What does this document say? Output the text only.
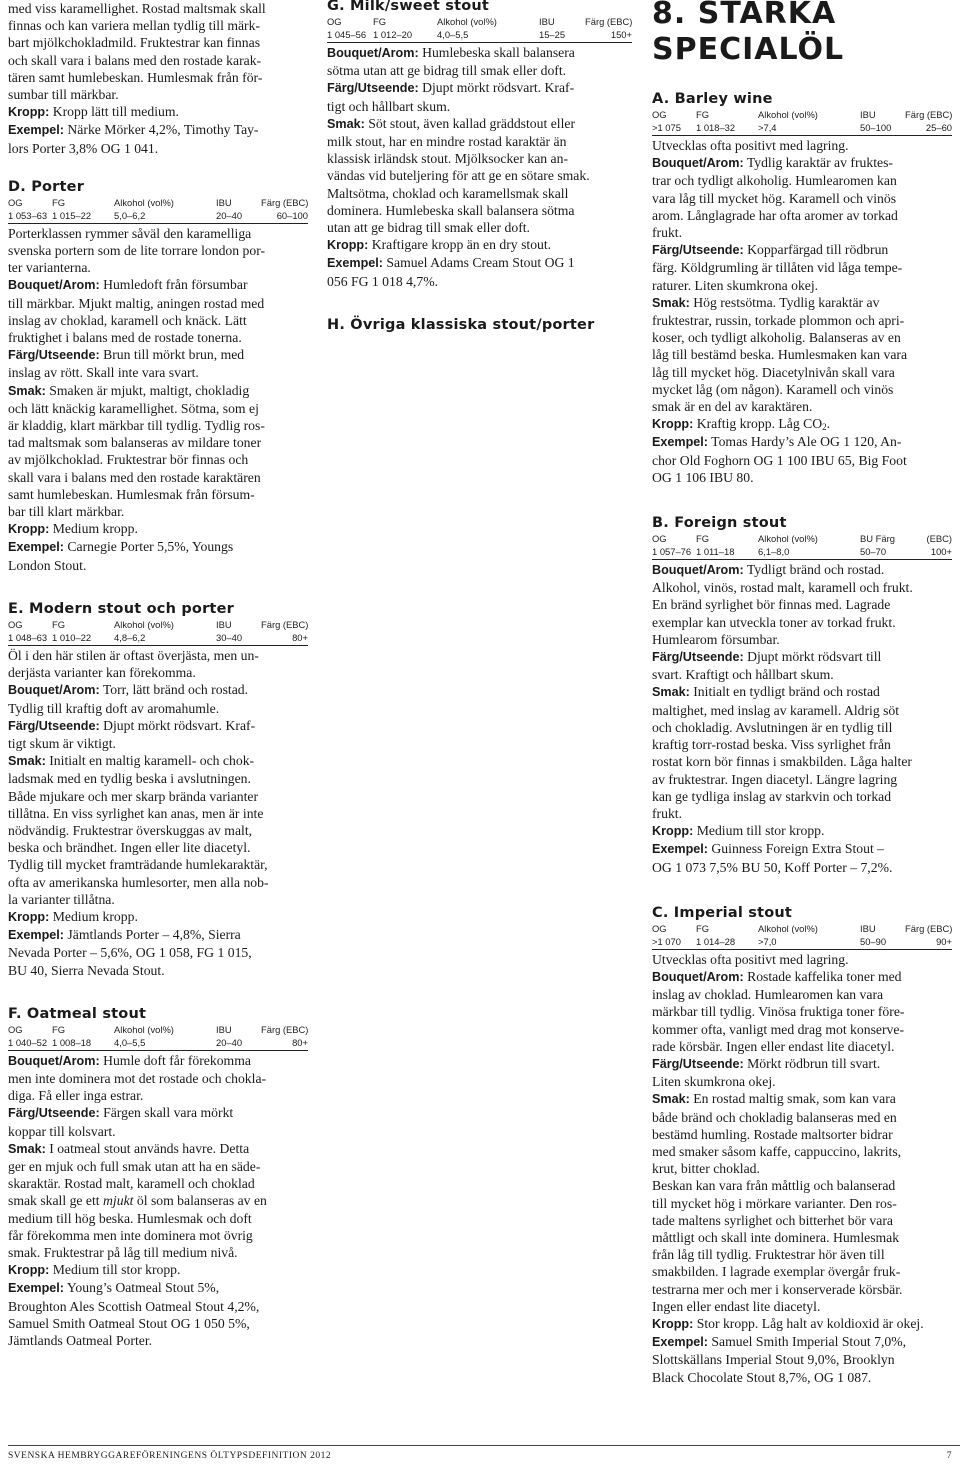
med viss karamellighet. Rostad maltsmak skall
finnas och kan variera mellan tydlig till märk-
bart mjölkchokladmild. Fruktestrar kan finnas
och skall vara i balans med den rostade karak-
tären samt humlebeskan. Humlesmak från för-
sumbar till märkbar.

Kropp: Kropp lätt till medium.

Exempel: Närke Mörker 4,2%, Timothy Tay-
lors Porter 3,8% OG 1 041.

D. Porter
OG	FG	Alkohol (vol%)	IBU	Färg (EBC)
1 053–63 1 015–22	5,0–6,2	20–40	60–100

Porterklassen rymmer såväl den karamelliga
svenska portern som de lite torrare london por-
ter varianterna.

Bouquet/Arom: Humledoft från försumbar
till märkbar. Mjukt maltig, aningen rostad med
inslag av choklad, karamell och knäck. Lätt
fruktighet i balans med de rostade tonerna.

Färg/Utseende: Brun till mörkt brun, med
inslag av rött. Skall inte vara svart.

Smak: Smaken är mjukt, maltigt, chokladig
och lätt knäckig karamellighet. Sötma, som ej
är kladdig, klart märkbar till tydlig. Tydlig ros-
tad maltsmak som balanseras av mildare toner
av mjölkchoklad. Fruktestrar bör finnas och
skall vara i balans med den rostade karaktären
samt humlebeskan. Humlesmak från försum-
bar till klart märkbar.

Kropp: Medium kropp.

Exempel: Carnegie Porter 5,5%, Youngs
London Stout.

E. Modern stout och porter
OG	FG	Alkohol (vol%)	IBU	Färg (EBC)
1 048–63 1 010–22	4,8–6,2	30–40	80+

Öl i den här stilen är oftast överjästa, men un-
derjästa varianter kan förekomma.

Bouquet/Arom: Torr, lätt bränd och rostad.
Tydlig till kraftig doft av aromahumle.

Färg/Utseende: Djupt mörkt rödsvart. Kraf-
tigt skum är viktigt.

Smak: Initialt en maltig karamell- och chok-
ladsmak med en tydlig beska i avslutningen.
Både mjukare och mer skarp brända varianter
tillåtna. En viss syrlighet kan anas, men är inte
nödvändig. Fruktestrar överskuggas av malt,
beska och brändhet. Ingen eller lite diacetyl.
Tydlig till mycket framträdande humlekaraktär,
ofta av amerikanska humlesorter, men alla nob-
la varianter tillåtna.

Kropp: Medium kropp.

Exempel: Jämtlands Porter – 4,8%, Sierra
Nevada Porter – 5,6%, OG 1 058, FG 1 015,
BU 40, Sierra Nevada Stout.

F. Oatmeal stout
OG	FG	Alkohol (vol%)	IBU	Färg (EBC)
1 040–52 1 008–18	4,0–5,5	20–40	80+

Bouquet/Arom: Humle doft får förekomma
men inte dominera mot det rostade och chokla-
diga. Få eller inga estrar.

Färg/Utseende: Färgen skall vara mörkt
koppar till kolsvart.

Smak: I oatmeal stout används havre. Detta
ger en mjuk och full smak utan att ha en säde-
skaraktär. Rostad malt, karamell och choklad
smak skall ge ett mjukt öl som balanseras av en
medium till hög beska. Humlesmak och doft
får förekomma men inte dominera mot övrig
smak. Fruktestrar på låg till medium nivå.

Kropp: Medium till stor kropp.

Exempel: Young’s Oatmeal Stout 5%,
Broughton Ales Scottish Oatmeal Stout 4,2%,
Samuel Smith Oatmeal Stout OG 1 050 5%,
Jämtlands Oatmeal Porter.

G. Milk/sweet stout
OG	FG	Alkohol (vol%)	IBU	Färg (EBC)
1 045–56 1 012–20	4,0–5,5	15–25	150+

Bouquet/Arom: Humlebeska skall balansera
sötma utan att ge bidrag till smak eller doft.

Färg/Utseende: Djupt mörkt rödsvart. Kraf-
tigt och hållbart skum.

Smak: Söt stout, även kallad gräddstout eller
milk stout, har en mindre rostad karaktär än
klassisk irländsk stout. Mjölksocker kan an-
vändas vid buteljering för att ge en sötare smak.
Maltsötma, choklad och karamellsmak skall
dominera. Humlebeska skall balansera sötma
utan att ge bidrag till smak eller doft.

Kropp: Kraftigare kropp än en dry stout.

Exempel: Samuel Adams Cream Stout OG 1
056 FG 1 018 4,7%.

H. Övriga klassiska stout/porter
8. STARKA
SPECIALÖL
A. Barley wine
OG	FG	Alkohol (vol%)	IBU	Färg (EBC)
>1 075	1 018–32	>7,4	50–100	25–60

Utvecklas ofta positivt med lagring.

Bouquet/Arom: Tydlig karaktär av fruktes-
trar och tydligt alkoholig. Humlearomen kan
vara låg till mycket hög. Karamell och vinös
arom. Långlagrade har ofta aromer av torkad
frukt.

Färg/Utseende: Kopparfärgad till rödbrun
färg. Köldgrumling är tillåten vid låga tempe-
raturer. Liten skumkrona okej.

Smak: Hög restsötma. Tydlig karaktär av
fruktestrar, russin, torkade plommon och apri-
koser, och tydligt alkoholig. Balanseras av en
låg till bestämd beska. Humlesmaken kan vara
låg till mycket hög. Diacetylnivån skall vara
mycket låg (om någon). Karamell och vinös
smak är en del av karaktären.

Kropp: Kraftig kropp. Låg $CO_2$.

Exempel: Tomas Hardy’s Ale OG 1 120, An-
chor Old Foghorn OG 1 100 IBU 65, Big Foot
OG 1 106 IBU 80.

B. Foreign stout
OG	FG	Alkohol (vol%)	BU Färg	(EBC)
1 057–76 1 011–18	6,1–8,0	50–70	100+

Bouquet/Arom: Tydligt bränd och rostad.
Alkohol, vinös, rostad malt, karamell och frukt.
En bränd syrlighet bör finnas med. Lagrade
exemplar kan utveckla toner av torkad frukt.
Humlearom försumbar.

Färg/Utseende: Djupt mörkt rödsvart till
svart. Kraftigt och hållbart skum.

Smak: Initialt en tydligt bränd och rostad
maltighet, med inslag av karamell. Aldrig söt
och chokladig. Avslutningen är en tydlig till
kraftig torr-rostad beska. Viss syrlighet från
rostat korn bör finnas i smakbilden. Låga halter
av fruktestrar. Ingen diacetyl. Längre lagring
kan ge tydliga inslag av starkvin och torkad
frukt.

Kropp: Medium till stor kropp.

Exempel: Guinness Foreign Extra Stout –
OG 1 073 7,5% BU 50, Koff Porter – 7,2%.

C. Imperial stout
OG	FG	Alkohol (vol%)	IBU	Färg (EBC)
>1 070	1 014–28	>7,0	50–90	90+

Utvecklas ofta positivt med lagring.

Bouquet/Arom: Rostade kaffelika toner med
inslag av choklad. Humlearomen kan vara
märkbar till tydlig. Vinösa fruktiga toner före-
kommer ofta, vanligt med drag mot konserve-
rade körsbär. Ingen eller endast lite diacetyl.

Färg/Utseende: Mörkt rödbrun till svart.
Liten skumkrona okej.

Smak: En rostad maltig smak, som kan vara
både bränd och chokladig balanseras med en
bestämd humling. Rostade maltsorter bidrar
med smaker såsom kaffe, cappuccino, lakrits,
krut, bitter choklad.

Beskan kan vara från måttlig och balanserad
till mycket hög i mörkare varianter. Den ros-
tade maltens syrlighet och bitterhet bör vara
måttligt och skall inte dominera. Humlesmak
från låg till tydlig. Fruktestrar hör även till
smakbilden. I lagrade exemplar övergår fruk-
testrarna mer och mer i konserverade körsbär.
Ingen eller endast lite diacetyl.

Kropp: Stor kropp. Låg halt av koldioxid är okej.

Exempel: Samuel Smith Imperial Stout 7,0%,
Slottskällans Imperial Stout 9,0%, Brooklyn
Black Chocolate Stout 8,7%, OG 1 087.

SVENSKA HEMBRYGGAREFÖRENINGENS ÖLTYPSDEFINITION 2012	7
